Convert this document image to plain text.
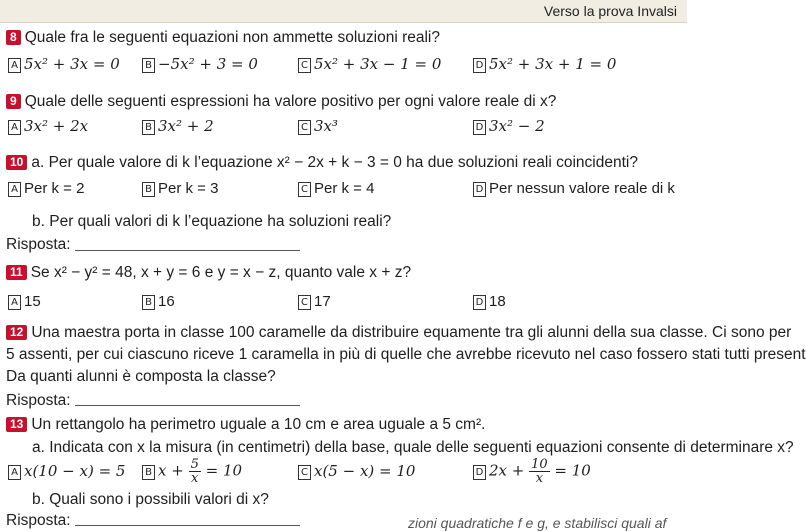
Verso la prova Invalsi
8 Quale fra le seguenti equazioni non ammette soluzioni reali?
A 5x² + 3x = 0	B −5x² + 3 = 0	C 5x² + 3x − 1 = 0	D 5x² + 3x + 1 = 0
9 Quale delle seguenti espressioni ha valore positivo per ogni valore reale di x?
A 3x² + 2x	B 3x² + 2	C 3x³	D 3x² − 2
10 a. Per quale valore di k l’equazione x² − 2x + k − 3 = 0 ha due soluzioni reali coincidenti?
A Per k = 2	B Per k = 3	C Per k = 4	D Per nessun valore reale di k
b. Per quali valori di k l’equazione ha soluzioni reali?
Risposta:
11 Se x² − y² = 48, x + y = 6 e y = x − z, quanto vale x + z?
A 15	B 16	C 17	D 18
12 Una maestra porta in classe 100 caramelle da distribuire equamente tra gli alunni della sua classe. Ci sono per
5 assenti, per cui ciascuno riceve 1 caramella in più di quelle che avrebbe ricevuto nel caso fossero stati tutti present
Da quanti alunni è composta la classe?
Risposta:
13 Un rettangolo ha perimetro uguale a 10 cm e area uguale a 5 cm².
a. Indicata con x la misura (in centimetri) della base, quale delle seguenti equazioni consente di determinare x?
A x(10 − x) = 5	B $x + \frac{5}{x} = 10$	C x(5 − x) = 10	D $2x + \frac{10}{x} = 10$
b. Quali sono i possibili valori di x?
Risposta:	zioni quadratiche f e g, e stabilisci quali af
